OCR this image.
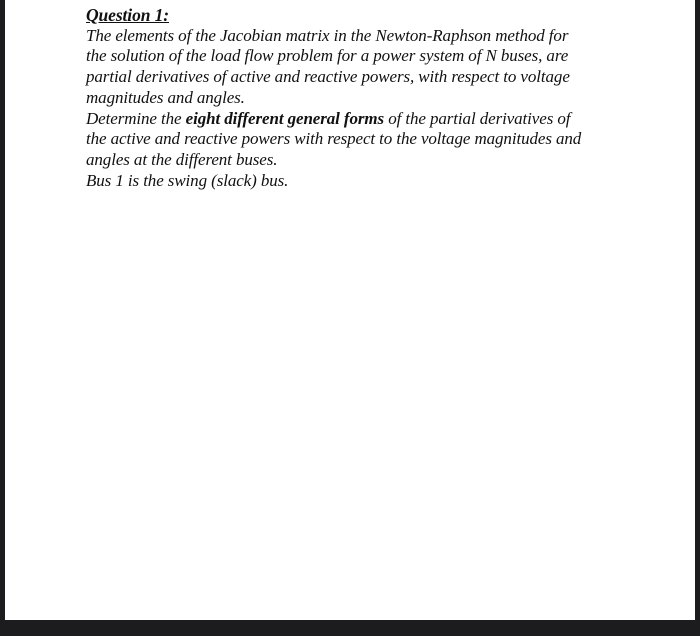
Question 1:
The elements of the Jacobian matrix in the Newton-Raphson method for
the solution of the load flow problem for a power system of N buses, are
partial derivatives of active and reactive powers, with respect to voltage
magnitudes and angles.
Determine the eight different general forms of the partial derivatives of
the active and reactive powers with respect to the voltage magnitudes and
angles at the different buses.
Bus 1 is the swing (slack) bus.
